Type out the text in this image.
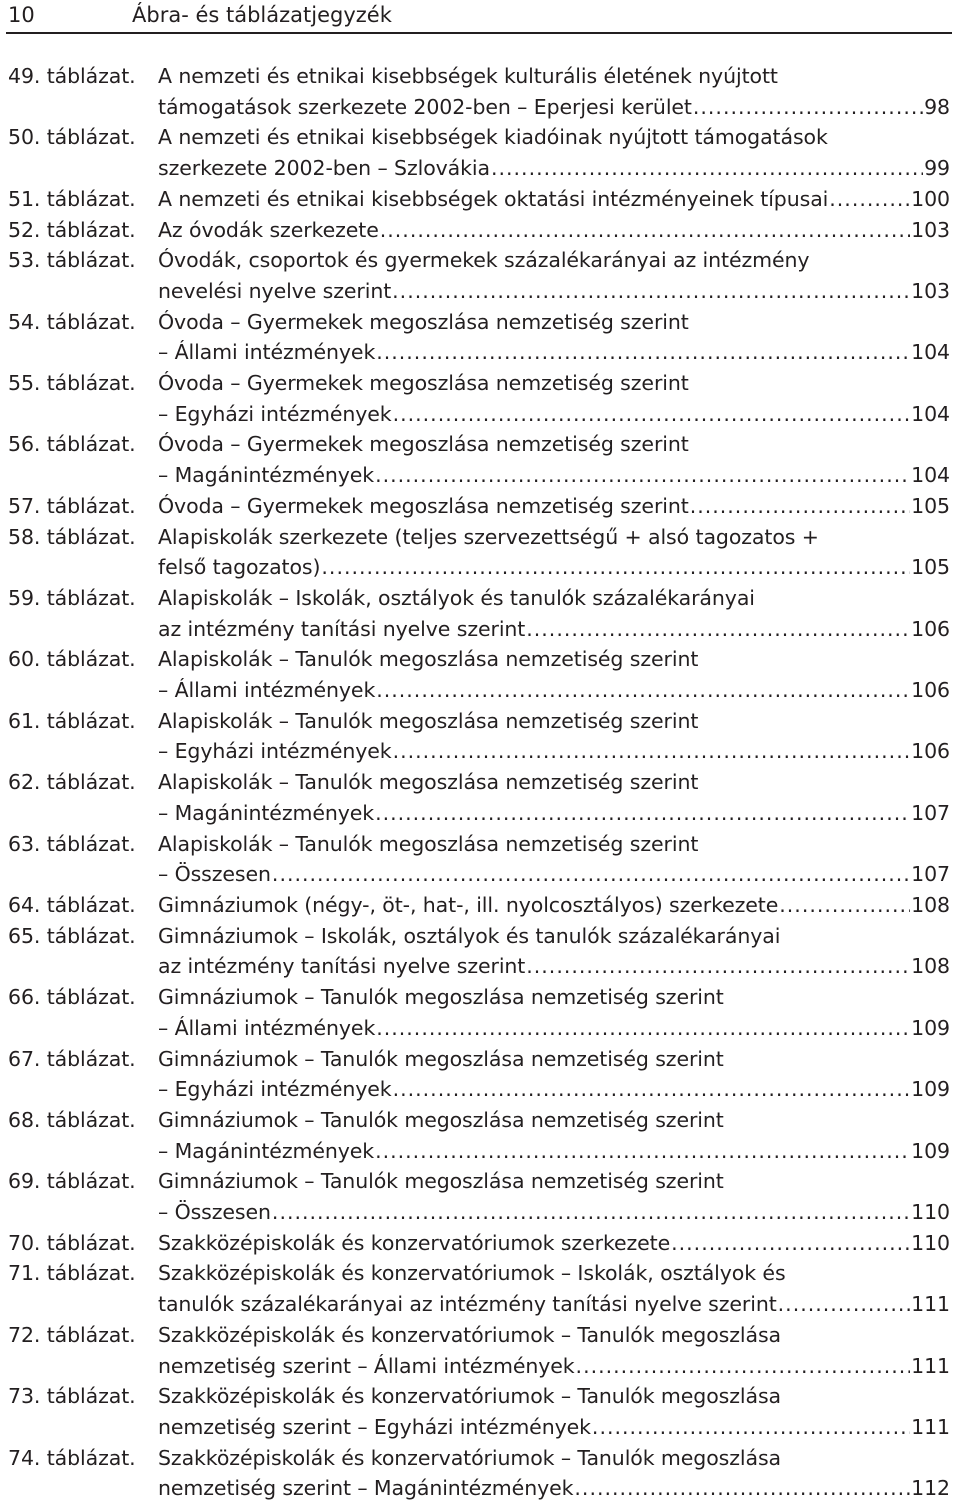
10	Ábra- és táblázatjegyzék
49. táblázat. A nemzeti és etnikai kisebbségek kulturális életének nyújtott
támogatások szerkezete 2002-ben – Eperjesi kerület .....	98
50. táblázat. A nemzeti és etnikai kisebbségek kiadóinak nyújtott támogatások
szerkezete 2002-ben – Szlovákia .....	99
51. táblázat. A nemzeti és etnikai kisebbségek oktatási intézményeinek típusai .....	100
52. táblázat. Az óvodák szerkezete .....	103
53. táblázat. Óvodák, csoportok és gyermekek százalékarányai az intézmény
nevelési nyelve szerint .....	103
54. táblázat. Óvoda – Gyermekek megoszlása nemzetiség szerint
– Állami intézmények .....	104
55. táblázat. Óvoda – Gyermekek megoszlása nemzetiség szerint
– Egyházi intézmények .....	104
56. táblázat. Óvoda – Gyermekek megoszlása nemzetiség szerint
– Magánintézmények .....	104
57. táblázat. Óvoda – Gyermekek megoszlása nemzetiség szerint .....	105
58. táblázat. Alapiskolák szerkezete (teljes szervezettségű + alsó tagozatos +
felső tagozatos) .....	105
59. táblázat. Alapiskolák – Iskolák, osztályok és tanulók százalékarányai
az intézmény tanítási nyelve szerint .....	106
60. táblázat. Alapiskolák – Tanulók megoszlása nemzetiség szerint
– Állami intézmények .....	106
61. táblázat. Alapiskolák – Tanulók megoszlása nemzetiség szerint
– Egyházi intézmények .....	106
62. táblázat. Alapiskolák – Tanulók megoszlása nemzetiség szerint
– Magánintézmények .....	107
63. táblázat. Alapiskolák – Tanulók megoszlása nemzetiség szerint
– Összesen .....	107
64. táblázat. Gimnáziumok (négy-, öt-, hat-, ill. nyolcosztályos) szerkezete .....	108
65. táblázat. Gimnáziumok – Iskolák, osztályok és tanulók százalékarányai
az intézmény tanítási nyelve szerint .....	108
66. táblázat. Gimnáziumok – Tanulók megoszlása nemzetiség szerint
– Állami intézmények .....	109
67. táblázat. Gimnáziumok – Tanulók megoszlása nemzetiség szerint
– Egyházi intézmények .....	109
68. táblázat. Gimnáziumok – Tanulók megoszlása nemzetiség szerint
– Magánintézmények .....	109
69. táblázat. Gimnáziumok – Tanulók megoszlása nemzetiség szerint
– Összesen .....	110
70. táblázat. Szakközépiskolák és konzervatóriumok szerkezete .....	110
71. táblázat. Szakközépiskolák és konzervatóriumok – Iskolák, osztályok és
tanulók százalékarányai az intézmény tanítási nyelve szerint .....	111
72. táblázat. Szakközépiskolák és konzervatóriumok – Tanulók megoszlása
nemzetiség szerint – Állami intézmények .....	111
73. táblázat. Szakközépiskolák és konzervatóriumok – Tanulók megoszlása
nemzetiség szerint – Egyházi intézmények .....	111
74. táblázat. Szakközépiskolák és konzervatóriumok – Tanulók megoszlása
nemzetiség szerint – Magánintézmények .....	112
